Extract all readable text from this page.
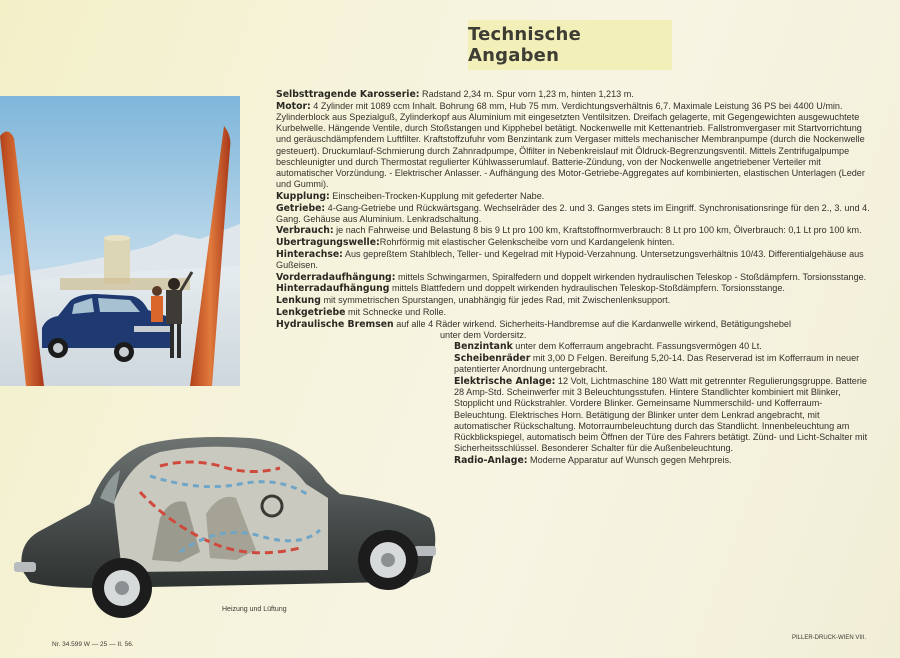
Technische Angaben

Selbsttragende Karosserie: Radstand 2,34 m. Spur vorn 1,23 m, hinten 1,213 m.

Motor: 4 Zylinder mit 1089 ccm Inhalt. Bohrung 68 mm, Hub 75 mm. Verdichtungsverhältnis 6,7. Maximale Leistung 36 PS bei 4400 U/min. Zylinderblock aus Spezialguß, Zylinderkopf aus Aluminium mit eingesetzten Ventilsitzen. Dreifach gelagerte, mit Gegengewichten ausgewuchtete Kurbelwelle. Hängende Ventile, durch Stoßstangen und Kipphebel betätigt. Nockenwelle mit Kettenantrieb. Fallstromvergaser mit Startvorrichtung und geräuschdämpfendem Luftfilter. Kraftstoffzufuhr vom Benzintank zum Vergaser mittels mechanischer Membranpumpe (durch die Nockenwelle gesteuert). Druckumlauf-Schmierung durch Zahnradpumpe, Ölfilter in Nebenkreislauf mit Öldruck-Begrenzungsventil. Mittels Zentrifugalpumpe beschleunigter und durch Thermostat regulierter Kühlwasserumlauf. Batterie-Zündung, von der Nockenwelle angetriebener Verteiler mit automatischer Vorzündung. - Elektrischer Anlasser. - Aufhängung des Motor-Getriebe-Aggregates auf kombinierten, elastischen Unterlagen (Leder und Gummi).

Kupplung: Einscheiben-Trocken-Kupplung mit gefederter Nabe.

Getriebe: 4-Gang-Getriebe und Rückwärtsgang. Wechselräder des 2. und 3. Ganges stets im Eingriff. Synchronisationsringe für den 2., 3. und 4. Gang. Gehäuse aus Aluminium. Lenkradschaltung.

Verbrauch: je nach Fahrweise und Belastung 8 bis 9 Lt pro 100 km, Kraftstoffnormverbrauch: 8 Lt pro 100 km, Ölverbrauch: 0,1 Lt pro 100 km.

Ubertragungswelle:Rohrförmig mit elastischer Gelenkscheibe vorn und Kardangelenk hinten.

Hinterachse: Aus gepreßtem Stahlblech, Teller- und Kegelrad mit Hypoid-Verzahnung. Untersetzungsverhältnis 10/43. Differentialgehäuse aus Gußeisen.

Vorderradaufhängung: mittels Schwingarmen, Spiralfedern und doppelt wirkenden hydraulischen Teleskop - Stoßdämpfern. Torsionsstange.

Hinterradaufhängung mittels Blattfedern und doppelt wirkenden hydraulischen Teleskop-Stoßdämpfern. Torsionsstange.

Lenkung mit symmetrischen Spurstangen, unabhängig für jedes Rad, mit Zwischenlenksupport.

Lenkgetriebe mit Schnecke und Rolle.

Hydraulische Bremsen auf alle 4 Räder wirkend. Sicherheits-Handbremse auf die Kardanwelle wirkend, Betätigungshebel
unter dem Vordersitz.

Benzintank unter dem Kofferraum angebracht. Fassungsvermögen 40 Lt.

Scheibenräder mit 3,00 D Felgen. Bereifung 5,20-14. Das Reserverad ist im Kofferraum in neuer patentierter Anordnung untergebracht.

Elektrische Anlage: 12 Volt, Lichtmaschine 180 Watt mit getrennter Regulierungsgruppe. Batterie 28 Amp-Std. Scheinwerfer mit 3 Beleuchtungsstufen. Hintere Standlichter kombiniert mit Blinker, Stopplicht und Rückstrahler. Vordere Blinker. Gemeinsame Nummerschild- und Kofferraum-Beleuchtung. Elektrisches Horn. Betätigung der Blinker unter dem Lenkrad angebracht, mit automatischer Rückschaltung. Motorraumbeleuchtung durch das Standlicht. Innenbeleuchtung am Rückblickspiegel, automatisch beim Öffnen der Türe des Fahrers betätigt. Zünd- und Licht-Schalter mit Sicherheitsschlüssel. Besonderer Schalter für die Außenbeleuchtung.

Radio-Anlage: Moderne Apparatur auf Wunsch gegen Mehrpreis.

Heizung und Lüftung
Nr. 34.599 W — 25 — II. 56.
PILLER-DRUCK-WIEN VIII.
